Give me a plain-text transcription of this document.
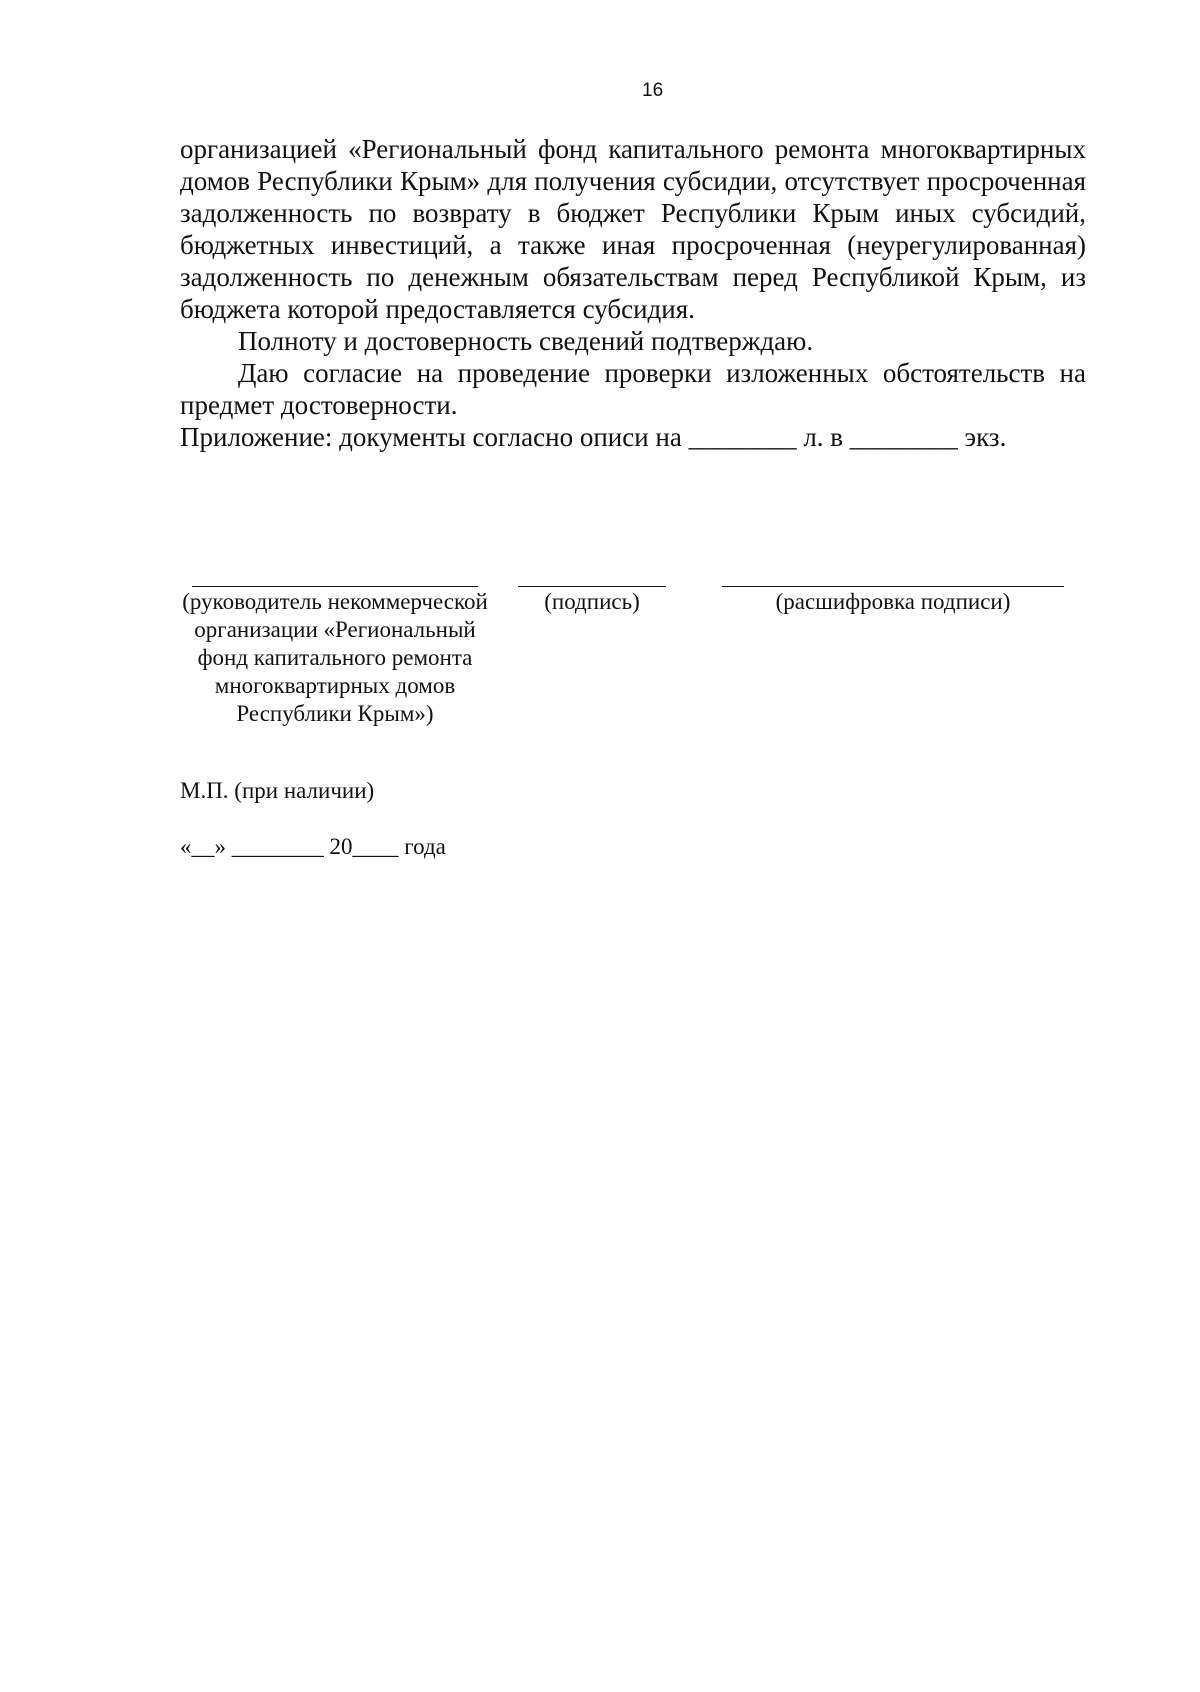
16

организацией «Региональный фонд капитального ремонта многоквартирных домов Республики Крым» для получения субсидии, отсутствует просроченная задолженность по возврату в бюджет Республики Крым иных субсидий, бюджетных инвестиций, а также иная просроченная (неурегулированная) задолженность по денежным обязательствам перед Республикой Крым, из бюджета которой предоставляется субсидия.

Полноту и достоверность сведений подтверждаю.

Даю согласие на проведение проверки изложенных обстоятельств на предмет достоверности.

Приложение: документы согласно описи на ________ л. в ________ экз.

(руководитель некоммерческой организации «Региональный фонд капитального ремонта многоквартирных домов Республики Крым»)
(подпись)	(расшифровка подписи)
М.П. (при наличии)
«__» ________ 20____ года
